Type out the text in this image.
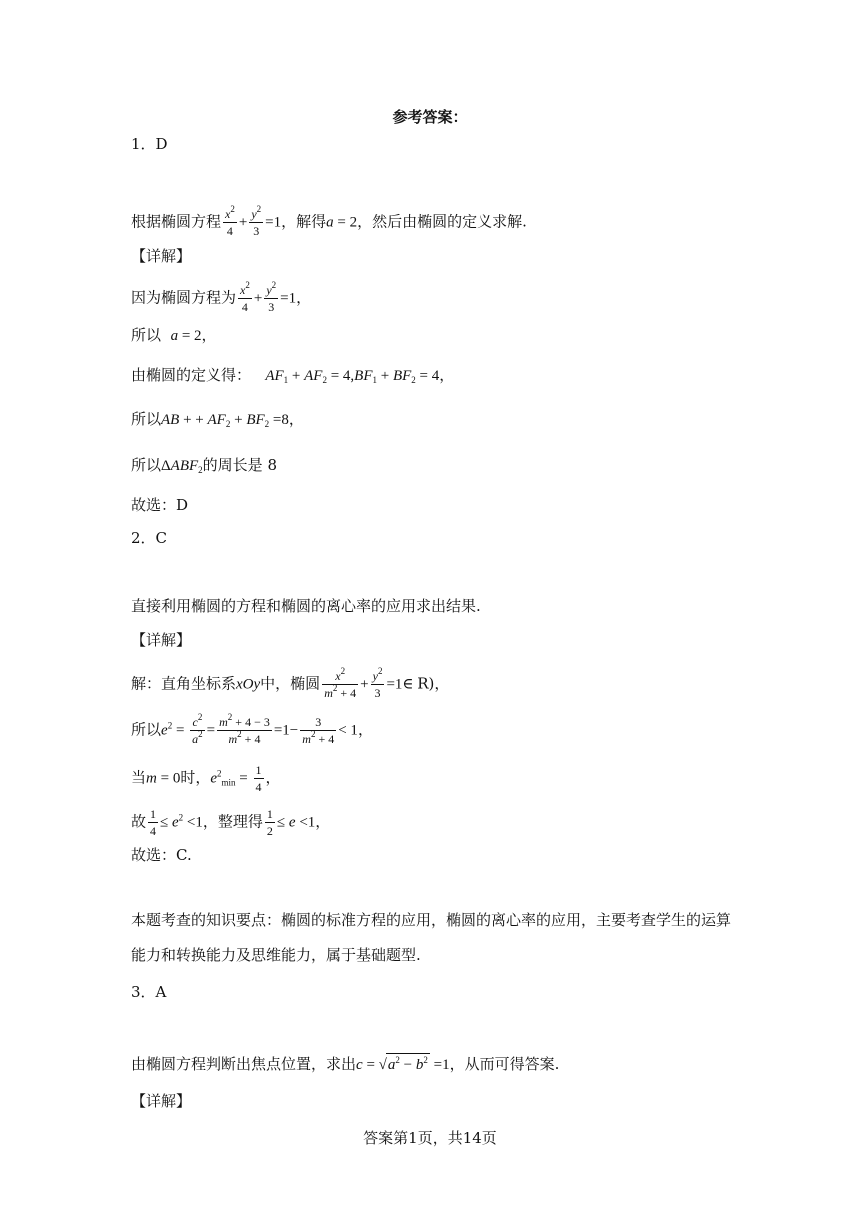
参考答案：
1．D
根据椭圆方程 $\frac{x^2}{4} + \frac{y^2}{3} =1$，解得a = 2，然后由椭圆的定义求解.
【详解】
因为椭圆方程为 $\frac{x^2}{4} + \frac{y^2}{3} =1$，
所以 a = 2，
由椭圆的定义得： $AF_1 + AF_2 = 4,BF_1 + BF_2 = 4$，
所以AB + + $AF_2 + BF_2 =8$，
所以$\Delta ABF_2$的周长是 8
故选：D
2．C
直接利用椭圆的方程和椭圆的离心率的应用求出结果.
【详解】
解：直角坐标系xOy中，椭圆 $\frac{x^2}{m^2 + 4} + \frac{y^2}{3}$ =1∈ R)，
所以$e^2 = \frac{c^2}{a^2} = \frac{m^2 + 4 - 3}{m^2 + 4} =1- \frac{3}{m^2 + 4} < 1$，
当m = 0时，$e^2_{min} = \frac{1}{4}$ ，
故 $\frac{1}{4} \le e^2 <1$，整理得 $\frac{1}{2} \le e <1$，
故选：C.
本题考查的知识要点：椭圆的标准方程的应用，椭圆的离心率的应用，主要考查学生的运算
能力和转换能力及思维能力，属于基础题型.
3．A
由椭圆方程判断出焦点位置，求出$c = √a^2 - b^2 =1$，从而可得答案.
【详解】
答案第1页，共14页
